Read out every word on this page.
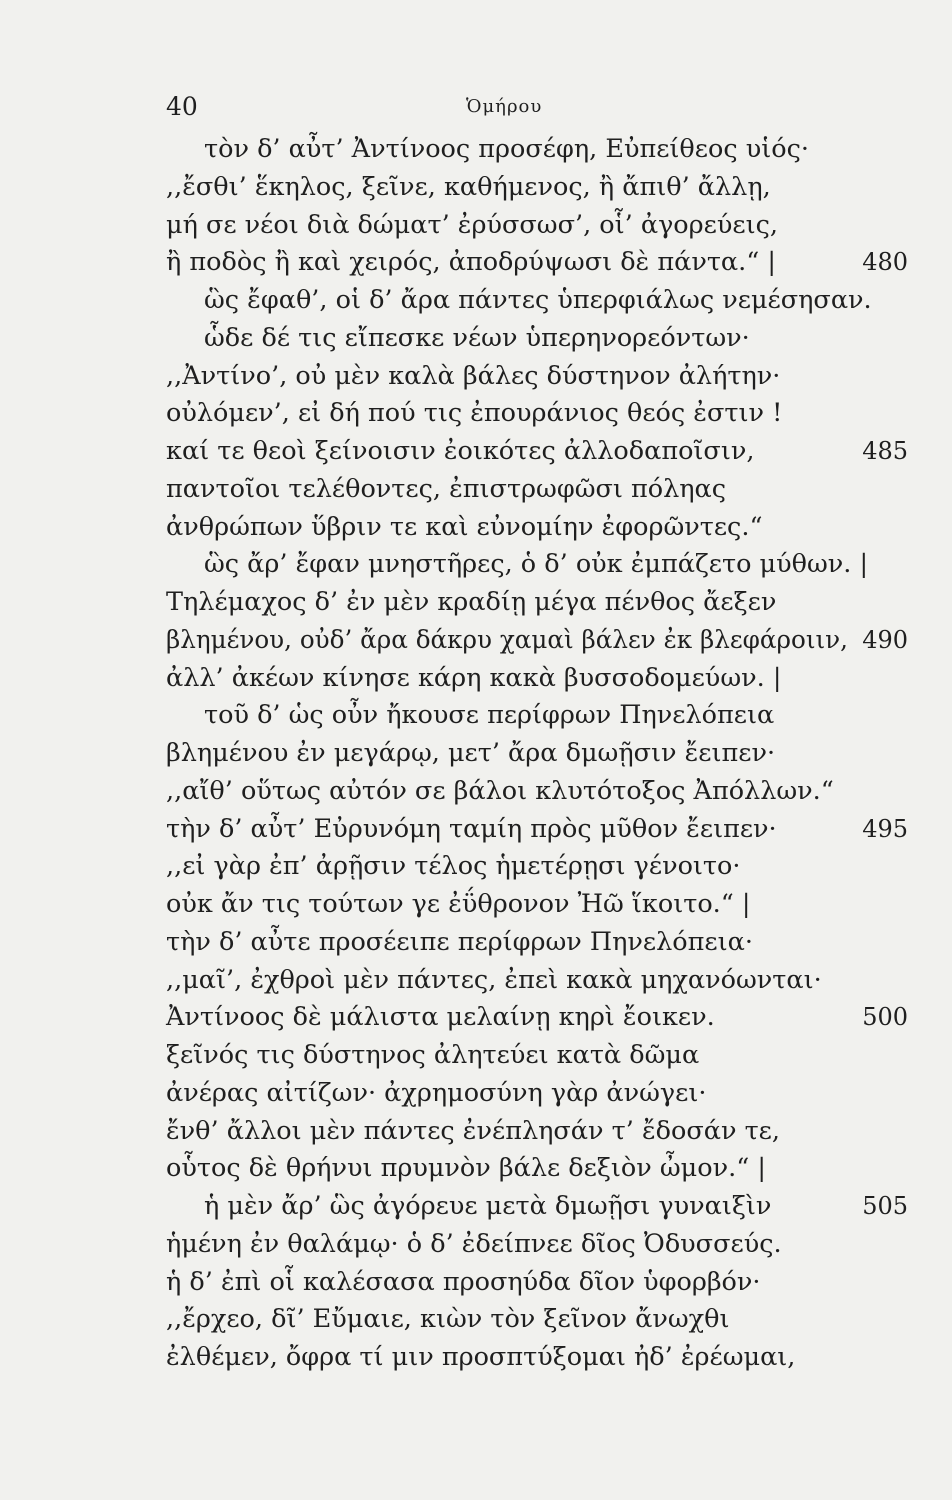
40	Ὁμήρου
τὸν δ’ αὖτ’ Ἀντίνοος προσέφη, Εὐπείθεος υἱός·
,,ἔσθι’ ἕκηλος, ξεῖνε, καθήμενος, ἢ ἄπιθ’ ἄλλῃ,
μή σε νέοι διὰ δώματ’ ἐρύσσωσ’, οἷ’ ἀγορεύεις,
ἢ ποδὸς ἢ καὶ χειρός, ἀποδρύψωσι δὲ πάντα.“ |	480
ὣς ἔφαθ’, οἱ δ’ ἄρα πάντες ὑπερφιάλως νεμέσησαν.
ὧδε δέ τις εἴπεσκε νέων ὑπερηνορεόντων·
,,Ἀντίνο’, οὐ μὲν καλὰ βάλες δύστηνον ἀλήτην·
οὐλόμεν’, εἰ δή πού τις ἐπουράνιος θεός ἐστιν !
καί τε θεοὶ ξείνοισιν ἐοικότες ἀλλοδαποῖσιν,	485
παντοῖοι τελέθοντες, ἐπιστρωφῶσι πόληας
ἀνθρώπων ὕβριν τε καὶ εὐνομίην ἐφορῶντες.“
ὣς ἄρ’ ἔφαν μνηστῆρες, ὁ δ’ οὐκ ἐμπάζετο μύθων. |
Τηλέμαχος δ’ ἐν μὲν κραδίῃ μέγα πένθος ἄεξεν
βλημένου, οὐδ’ ἄρα δάκρυ χαμαὶ βάλεν ἐκ βλεφάροιιν, 490
ἀλλ’ ἀκέων κίνησε κάρη κακὰ βυσσοδομεύων. |
τοῦ δ’ ὡς οὖν ἤκουσε περίφρων Πηνελόπεια
βλημένου ἐν μεγάρῳ, μετ’ ἄρα δμωῇσιν ἔειπεν·
,,αἴθ’ οὕτως αὐτόν σε βάλοι κλυτότοξος Ἀπόλλων.“
τὴν δ’ αὖτ’ Εὐρυνόμη ταμίη πρὸς μῦθον ἔειπεν·	495
,,εἰ γὰρ ἐπ’ ἀρῇσιν τέλος ἡμετέρῃσι γένοιτο·
οὐκ ἄν τις τούτων γε ἐΰθρονον Ἠῶ ἵκοιτο.“ |
τὴν δ’ αὖτε προσέειπε περίφρων Πηνελόπεια·
,,μαῖ’, ἐχθροὶ μὲν πάντες, ἐπεὶ κακὰ μηχανόωνται·
Ἀντίνοος δὲ μάλιστα μελαίνῃ κηρὶ ἔοικεν.	500
ξεῖνός τις δύστηνος ἀλητεύει κατὰ δῶμα
ἀνέρας αἰτίζων· ἀχρημοσύνη γὰρ ἀνώγει·
ἔνθ’ ἄλλοι μὲν πάντες ἐνέπλησάν τ’ ἔδοσάν τε,
οὗτος δὲ θρήνυι πρυμνὸν βάλε δεξιὸν ὦμον.“ |
ἡ μὲν ἄρ’ ὣς ἀγόρευε μετὰ δμωῇσι γυναιξὶν	505
ἡμένη ἐν θαλάμῳ· ὁ δ’ ἐδείπνεε δῖος Ὀδυσσεύς.
ἡ δ’ ἐπὶ οἷ καλέσασα προσηύδα δῖον ὑφορβόν·
,,ἔρχεο, δῖ’ Εὔμαιε, κιὼν τὸν ξεῖνον ἄνωχθι
ἐλθέμεν, ὄφρα τί μιν προσπτύξομαι ἠδ’ ἐρέωμαι,
